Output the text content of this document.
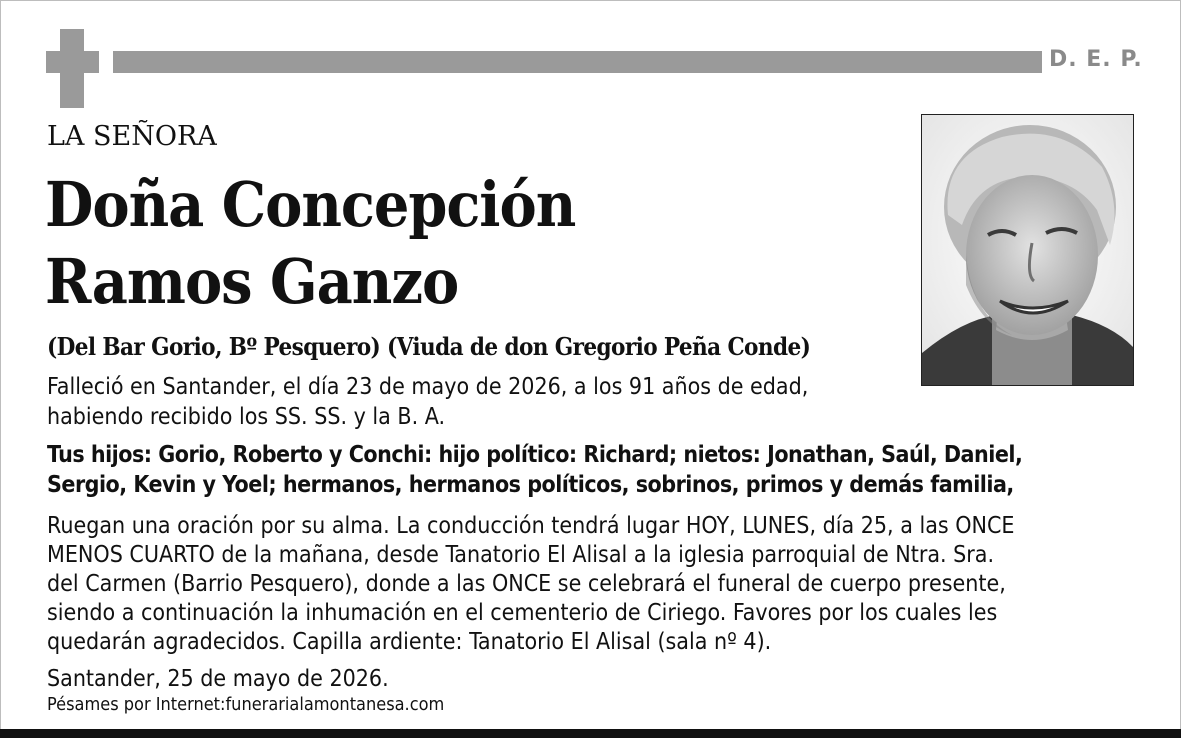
D. E. P.
LA SEÑORA
Doña Concepción
Ramos Ganzo
(Del Bar Gorio, Bº Pesquero) (Viuda de don Gregorio Peña Conde)

Falleció en Santander, el día 23 de mayo de 2026, a los 91 años de edad,
habiendo recibido los SS. SS. y la B. A.

Tus hijos: Gorio, Roberto y Conchi: hijo político: Richard; nietos: Jonathan, Saúl, Daniel,
Sergio, Kevin y Yoel; hermanos, hermanos políticos, sobrinos, primos y demás familia,

Ruegan una oración por su alma. La conducción tendrá lugar HOY, LUNES, día 25, a las ONCE
MENOS CUARTO de la mañana, desde Tanatorio El Alisal a la iglesia parroquial de Ntra. Sra.
del Carmen (Barrio Pesquero), donde a las ONCE se celebrará el funeral de cuerpo presente,
siendo a continuación la inhumación en el cementerio de Ciriego. Favores por los cuales les
quedarán agradecidos. Capilla ardiente: Tanatorio El Alisal (sala nº 4).

Santander, 25 de mayo de 2026.
Pésames por Internet:funerarialamontanesa.com
